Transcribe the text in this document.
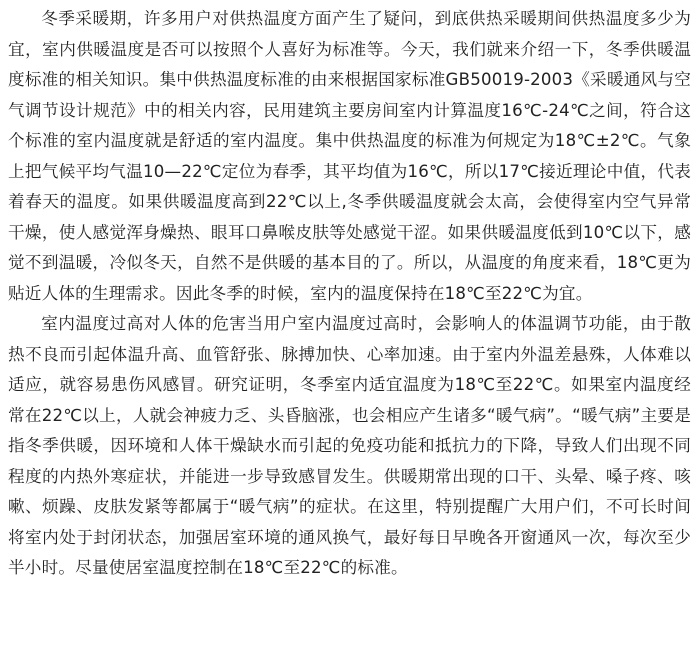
冬季采暖期，许多用户对供热温度方面产生了疑问，到底供热采暖期间供热温度多少为宜，室内供暖温度是否可以按照个人喜好为标准等。今天，我们就来介绍一下，冬季供暖温度标准的相关知识。集中供热温度标准的由来根据国家标准GB50019-2003《采暖通风与空气调节设计规范》中的相关内容，民用建筑主要房间室内计算温度16℃-24℃之间，符合这个标准的室内温度就是舒适的室内温度。集中供热温度的标准为何规定为18℃±2℃。气象上把气候平均气温10—22℃定位为春季，其平均值为16℃，所以17℃接近理论中值，代表着春天的温度。如果供暖温度高到22℃以上,冬季供暖温度就会太高，会使得室内空气异常干燥，使人感觉浑身燥热、眼耳口鼻喉皮肤等处感觉干涩。如果供暖温度低到10℃以下，感觉不到温暖，冷似冬天，自然不是供暖的基本目的了。所以，从温度的角度来看，18℃更为贴近人体的生理需求。因此冬季的时候，室内的温度保持在18℃至22℃为宜。

室内温度过高对人体的危害当用户室内温度过高时，会影响人的体温调节功能，由于散热不良而引起体温升高、血管舒张、脉搏加快、心率加速。由于室内外温差悬殊，人体难以适应，就容易患伤风感冒。研究证明，冬季室内适宜温度为18℃至22℃。如果室内温度经常在22℃以上，人就会神疲力乏、头昏脑涨，也会相应产生诸多“暖气病”。“暖气病”主要是指冬季供暖，因环境和人体干燥缺水而引起的免疫功能和抵抗力的下降，导致人们出现不同程度的内热外寒症状，并能进一步导致感冒发生。供暖期常出现的口干、头晕、嗓子疼、咳嗽、烦躁、皮肤发紧等都属于“暖气病”的症状。在这里，特别提醒广大用户们，不可长时间将室内处于封闭状态，加强居室环境的通风换气，最好每日早晚各开窗通风一次，每次至少半小时。尽量使居室温度控制在18℃至22℃的标准。
